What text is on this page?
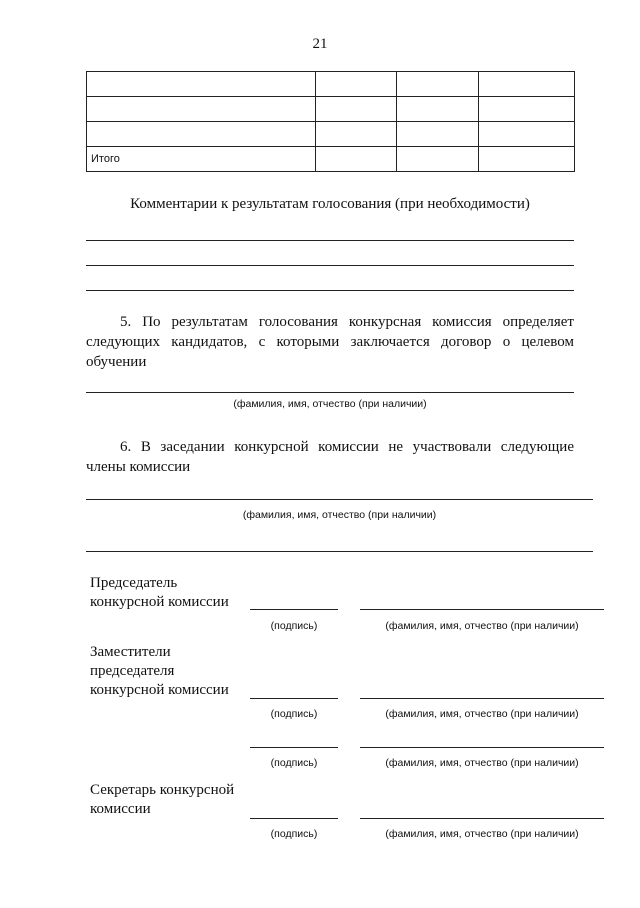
21

Итого			
Комментарии к результатам голосования (при необходимости)
5. По результатам голосования конкурсная комиссия определяет следующих кандидатов, с которыми заключается договор о целевом обучении
(фамилия, имя, отчество (при наличии)
6. В заседании конкурсной комиссии не участвовали следующие члены комиссии
(фамилия, имя, отчество (при наличии)
Председатель конкурсной комиссии
(подпись)	(фамилия, имя, отчество (при наличии)
Заместители председателя конкурсной комиссии
(подпись)	(фамилия, имя, отчество (при наличии)
(подпись)	(фамилия, имя, отчество (при наличии)
Секретарь конкурсной комиссии
(подпись)	(фамилия, имя, отчество (при наличии)
